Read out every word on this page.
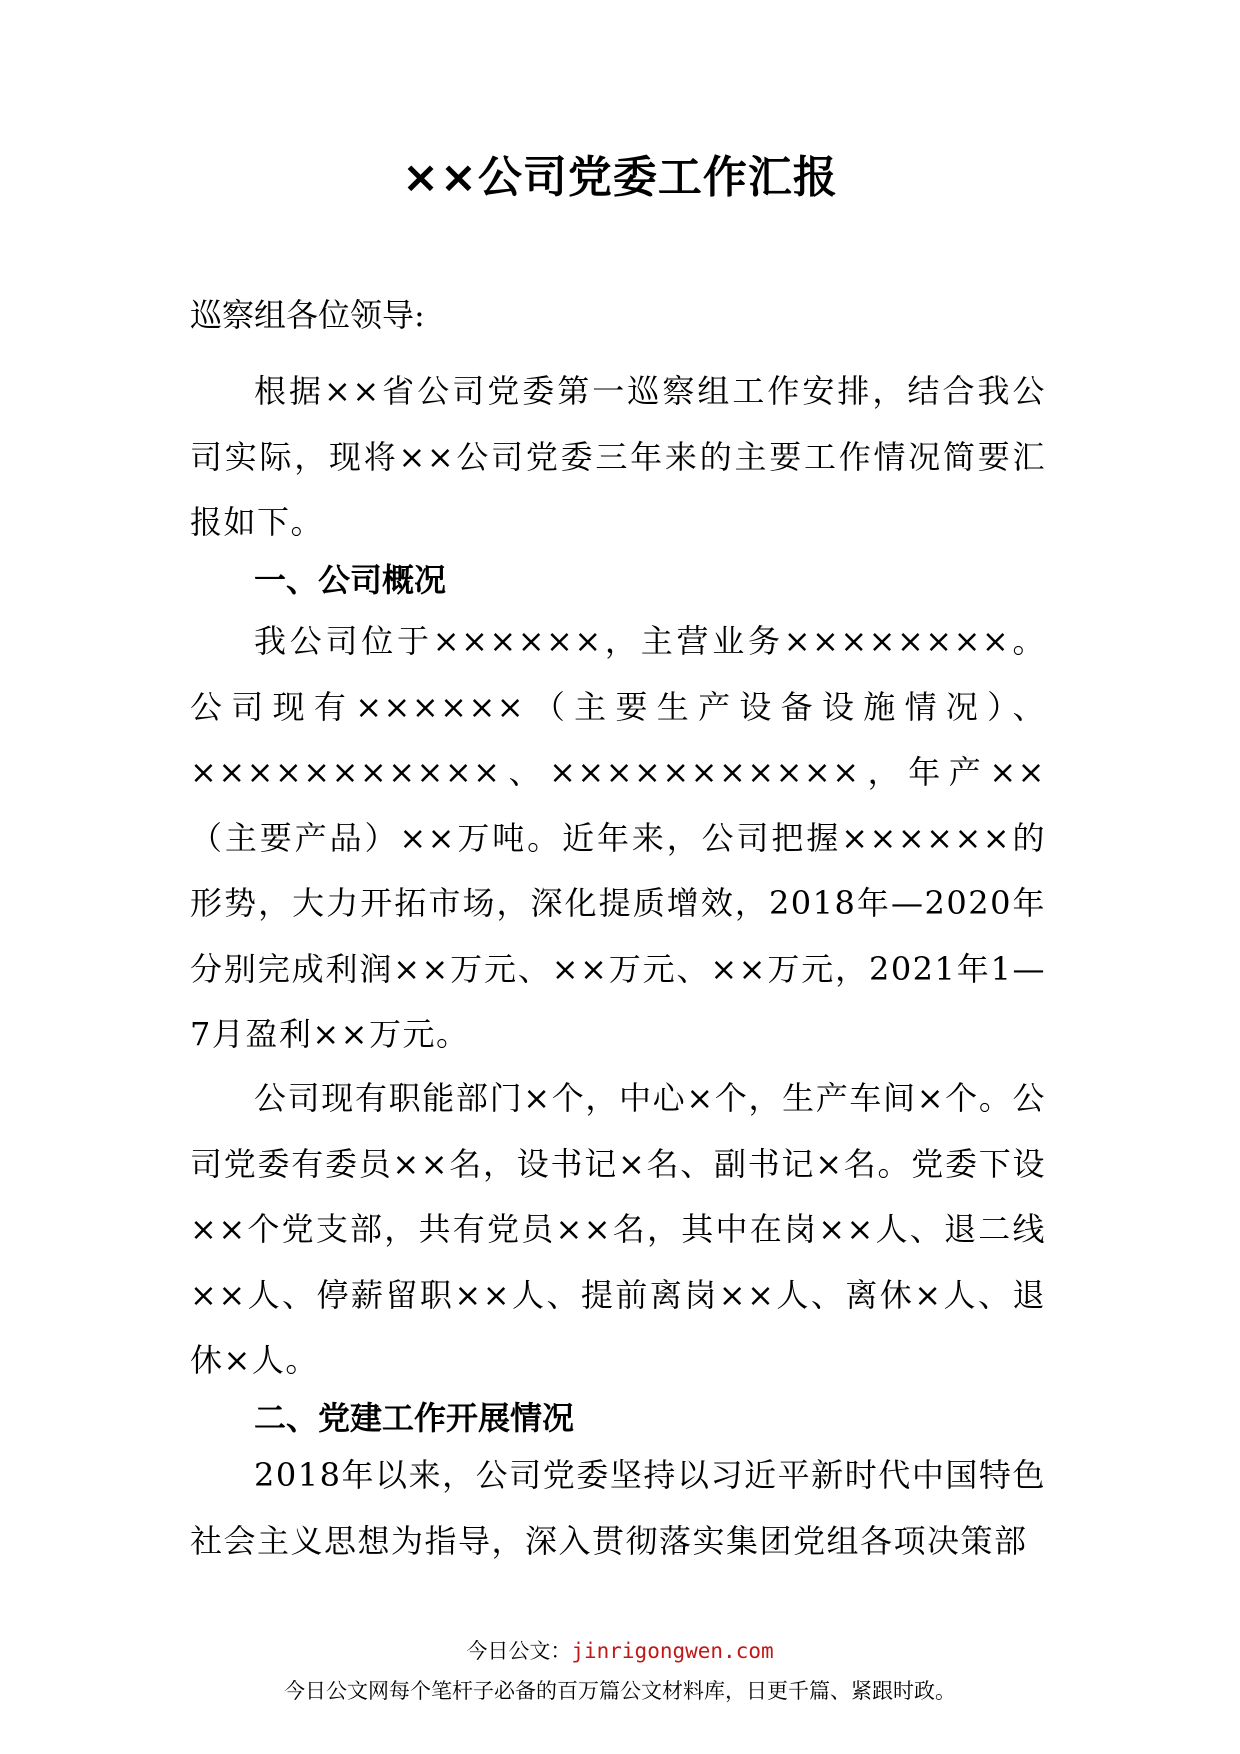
××公司党委工作汇报

巡察组各位领导:

根据××省公司党委第一巡察组工作安排，结合我公司实际，现将××公司党委三年来的主要工作情况简要汇报如下。

一、公司概况

我公司位于××××××，主营业务××××××××。公司现有××××××（主要生产设备设施情况）、×××××××××××、×××××××××××，年产××（主要产品）××万吨。近年来，公司把握××××××的形势，大力开拓市场，深化提质增效，2018年—2020年分别完成利润××万元、××万元、××万元，2021年1—7月盈利××万元。

公司现有职能部门×个，中心×个，生产车间×个。公司党委有委员××名，设书记×名、副书记×名。党委下设××个党支部，共有党员××名，其中在岗××人、退二线××人、停薪留职××人、提前离岗××人、离休×人、退休×人。

二、党建工作开展情况

2018年以来，公司党委坚持以习近平新时代中国特色社会主义思想为指导，深入贯彻落实集团党组各项决策部

今日公文：jinrigongwen.com
今日公文网每个笔杆子必备的百万篇公文材料库，日更千篇、紧跟时政。
